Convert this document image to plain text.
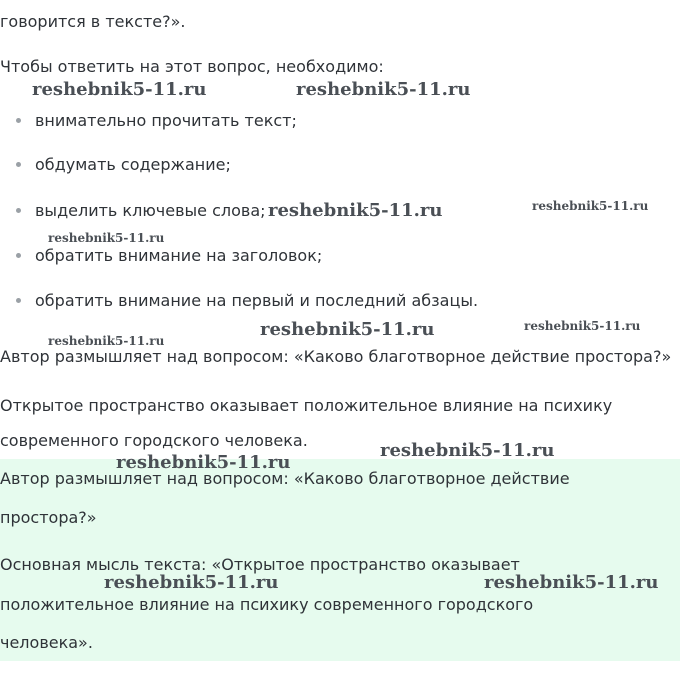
говорится в тексте?».
Чтобы ответить на этот вопрос, необходимо:
внимательно прочитать текст;
обдумать содержание;
выделить ключевые слова;
обратить внимание на заголовок;
обратить внимание на первый и последний абзацы.
Автор размышляет над вопросом: «Каково благотворное действие простора?»
Открытое пространство оказывает положительное влияние на психику
современного городского человека.
Автор размышляет над вопросом: «Каково благотворное действие
простора?»
Основная мысль текста: «Открытое пространство оказывает
положительное влияние на психику современного городского
человека».
reshebnik5-11.ru	reshebnik5-11.ru
reshebnik5-11.ru	reshebnik5-11.ru
reshebnik5-11.ru
reshebnik5-11.ru	reshebnik5-11.ru
reshebnik5-11.ru
reshebnik5-11.ru
reshebnik5-11.ru
reshebnik5-11.ru	reshebnik5-11.ru
